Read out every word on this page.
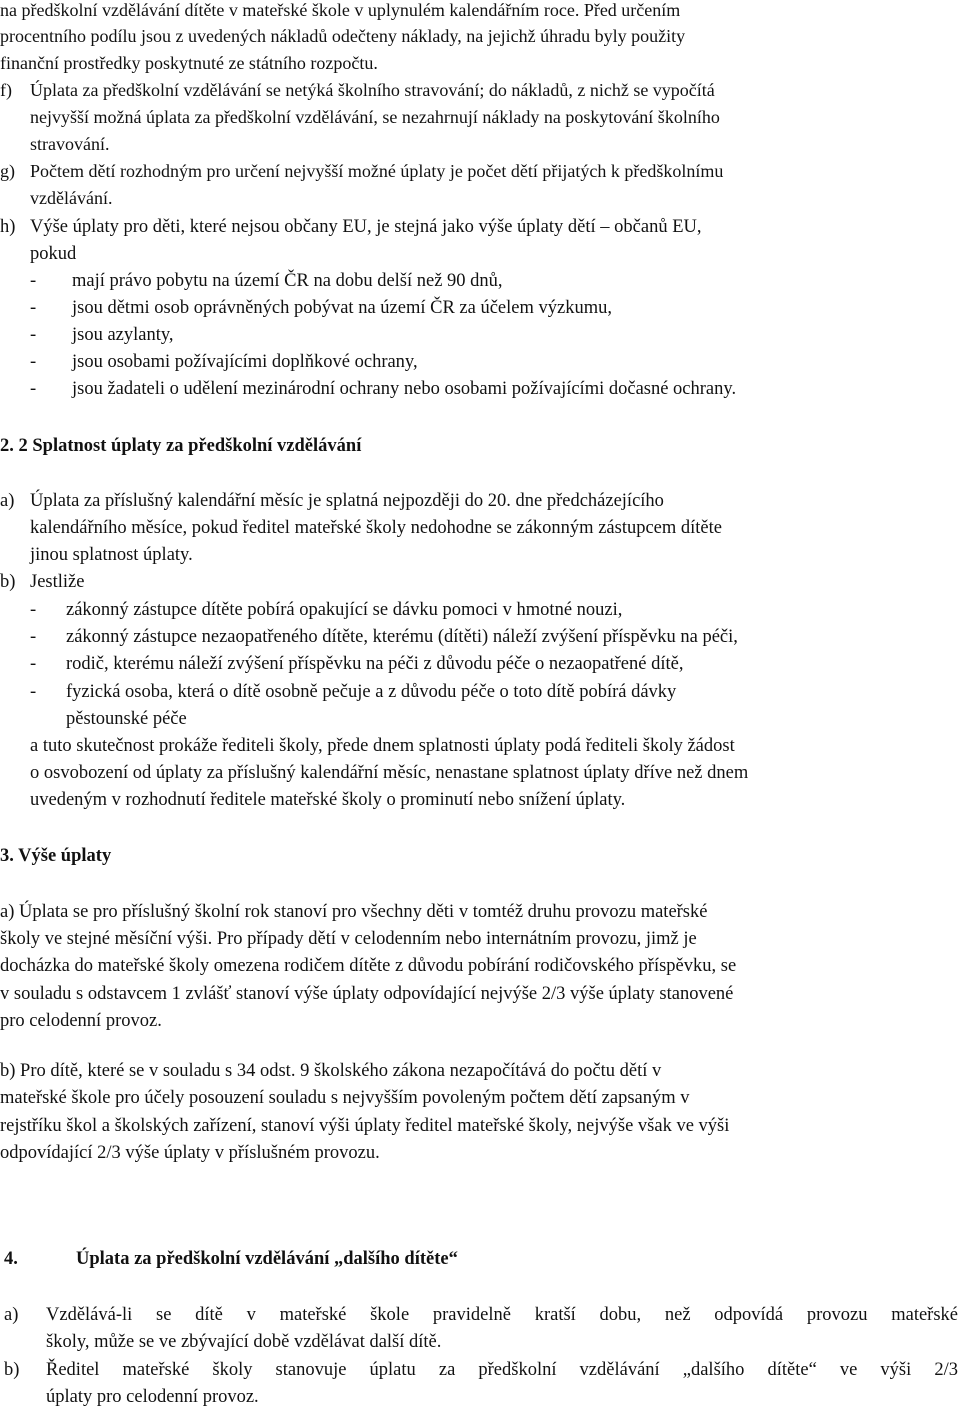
na předškolní vzdělávání dítěte v mateřské škole v uplynulém kalendářním roce. Před určením
procentního podílu jsou z uvedených nákladů odečteny náklady, na jejichž úhradu byly použity
finanční prostředky poskytnuté ze státního rozpočtu.
f) Úplata za předškolní vzdělávání se netýká školního stravování; do nákladů, z nichž se vypočítá
nejvyšší možná úplata za předškolní vzdělávání, se nezahrnují náklady na poskytování školního
stravování.
g) Počtem dětí rozhodným pro určení nejvyšší možné úplaty je počet dětí přijatých k předškolnímu
vzdělávání.
h) Výše úplaty pro děti, které nejsou občany EU, je stejná jako výše úplaty dětí – občanů EU,
pokud
- mají právo pobytu na území ČR na dobu delší než 90 dnů,
- jsou dětmi osob oprávněných pobývat na území ČR za účelem výzkumu,
- jsou azylanty,
- jsou osobami požívajícími doplňkové ochrany,
- jsou žadateli o udělení mezinárodní ochrany nebo osobami požívajícími dočasné ochrany.
2. 2 Splatnost úplaty za předškolní vzdělávání
a) Úplata za příslušný kalendářní měsíc je splatná nejpozději do 20. dne předcházejícího
kalendářního měsíce, pokud ředitel mateřské školy nedohodne se zákonným zástupcem dítěte
jinou splatnost úplaty.
b) Jestliže
- zákonný zástupce dítěte pobírá opakující se dávku pomoci v hmotné nouzi,
- zákonný zástupce nezaopatřeného dítěte, kterému (dítěti) náleží zvýšení příspěvku na péči,
- rodič, kterému náleží zvýšení příspěvku na péči z důvodu péče o nezaopatřené dítě,
- fyzická osoba, která o dítě osobně pečuje a z důvodu péče o toto dítě pobírá dávky
pěstounské péče
a tuto skutečnost prokáže řediteli školy, přede dnem splatnosti úplaty podá řediteli školy žádost
o osvobození od úplaty za příslušný kalendářní měsíc, nenastane splatnost úplaty dříve než dnem
uvedeným v rozhodnutí ředitele mateřské školy o prominutí nebo snížení úplaty.
3. Výše úplaty
a) Úplata se pro příslušný školní rok stanoví pro všechny děti v tomtéž druhu provozu mateřské
školy ve stejné měsíční výši. Pro případy dětí v celodenním nebo internátním provozu, jimž je
docházka do mateřské školy omezena rodičem dítěte z důvodu pobírání rodičovského příspěvku, se
v souladu s odstavcem 1 zvlášť stanoví výše úplaty odpovídající nejvýše 2/3 výše úplaty stanovené
pro celodenní provoz.
b) Pro dítě, které se v souladu s 34 odst. 9 školského zákona nezapočítává do počtu dětí v
mateřské škole pro účely posouzení souladu s nejvyšším povoleným počtem dětí zapsaným v
rejstříku škol a školských zařízení, stanoví výši úplaty ředitel mateřské školy, nejvýše však ve výši
odpovídající 2/3 výše úplaty v příslušném provozu.
4.	Úplata za předškolní vzdělávání „dalšího dítěte“
a) Vzdělává-li se dítě v mateřské škole pravidelně kratší dobu, než odpovídá provozu mateřské
školy, může se ve zbývající době vzdělávat další dítě.
b) Ředitel mateřské školy stanovuje úplatu za předškolní vzdělávání „dalšího dítěte“ ve výši 2/3
úplaty pro celodenní provoz.
